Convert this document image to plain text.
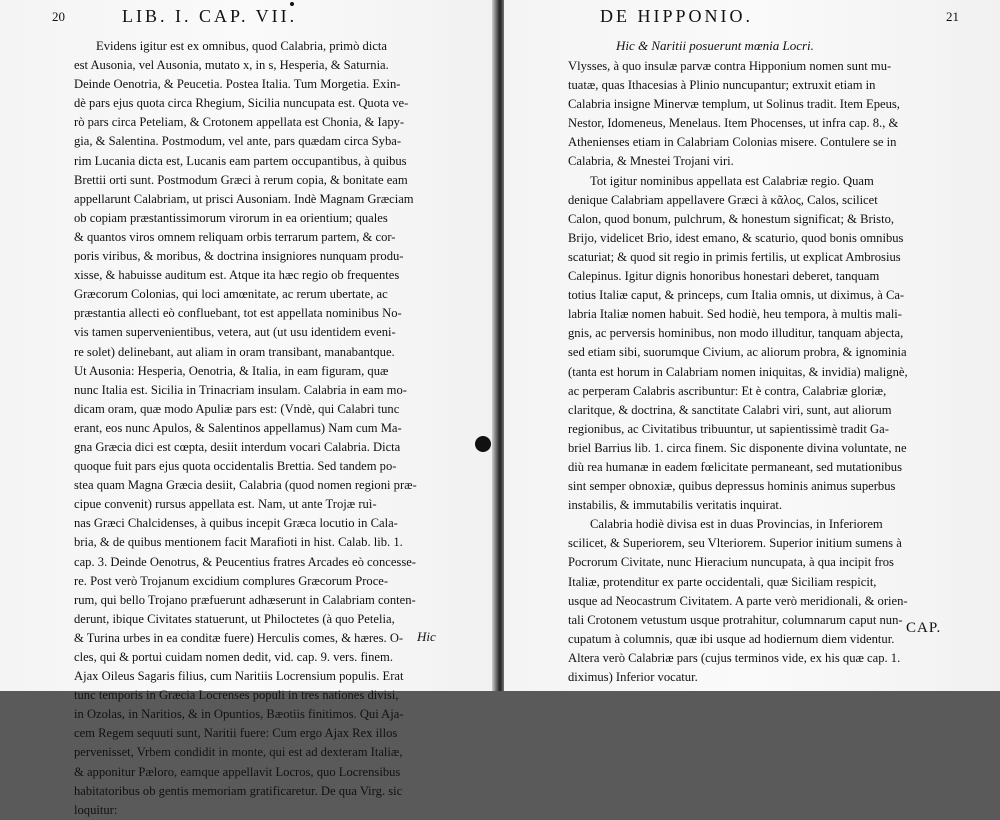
20	LIB. I. CAP. VII.
Evidens igitur est ex omnibus, quod Calabria, primò dicta
est Ausonia, vel Ausonia, mutato x, in s, Hesperia, & Saturnia.
Deinde Oenotria, & Peucetia. Postea Italia. Tum Morgetia. Exin-
dè pars ejus quota circa Rhegium, Sicilia nuncupata est. Quota ve-
rò pars circa Peteliam, & Crotonem appellata est Chonia, & Iapy-
gia, & Salentina. Postmodum, vel ante, pars quædam circa Syba-
rim Lucania dicta est, Lucanis eam partem occupantibus, à quibus
Brettii orti sunt. Postmodum Græci à rerum copia, & bonitate eam
appellarunt Calabriam, ut prisci Ausoniam. Indè Magnam Græciam
ob copiam præstantissimorum virorum in ea orientium; quales
& quantos viros omnem reliquam orbis terrarum partem, & cor-
poris viribus, & moribus, & doctrina insigniores nunquam produ-
xisse, & habuisse auditum est. Atque ita hæc regio ob frequentes
Græcorum Colonias, qui loci amœnitate, ac rerum ubertate, ac
præstantia allecti eò confluebant, tot est appellata nominibus No-
vis tamen supervenientibus, vetera, aut (ut usu identidem eveni-
re solet) delinebant, aut aliam in oram transibant, manabantque.
Ut Ausonia: Hesperia, Oenotria, & Italia, in eam figuram, quæ
nunc Italia est. Sicilia in Trinacriam insulam. Calabria in eam mo-
dicam oram, quæ modo Apuliæ pars est: (Vndè, qui Calabri tunc
erant, eos nunc Apulos, & Salentinos appellamus) Nam cum Ma-
gna Græcia dici est cœpta, desiit interdum vocari Calabria. Dicta
quoque fuit pars ejus quota occidentalis Brettia. Sed tandem po-
stea quam Magna Græcia desiit, Calabria (quod nomen regioni præ-
cipue convenit) rursus appellata est. Nam, ut ante Trojæ ruì-
nas Græci Chalcidenses, à quibus incepit Græca locutio in Cala-
bria, & de quibus mentionem facit Marafioti in hist. Calab. lib. 1.
cap. 3. Deinde Oenotrus, & Peucentius fratres Arcades eò concesse-
re. Post verò Trojanum excidium complures Græcorum Proce-
rum, qui bello Trojano præfuerunt adhæserunt in Calabriam conten-
derunt, ibique Civitates statuerunt, ut Philoctetes (à quo Petelia,
& Turina urbes in ea conditæ fuere) Herculis comes, & hæres. O-
cles, qui & portui cuidam nomen dedit, vid. cap. 9. vers. finem.
Ajax Oileus Sagaris filius, cum Naritiis Locrensium populis. Erat
tunc temporis in Græcia Locrenses populi in tres nationes divisi,
in Ozolas, in Naritios, & in Opuntios, Bæotiis finitimos. Qui Aja-
cem Regem sequuti sunt, Naritii fuere: Cum ergo Ajax Rex illos
pervenisset, Vrbem condidit in monte, qui est ad dexteram Italiæ,
& apponitur Pæloro, eamque appellavit Locros, quo Locrensibus
habitatoribus ob gentis memoriam gratificaretur. De qua Virg. sic
loquitur:
Hic
DE HIPPONIO.	21
Hic & Naritii posuerunt mœnia Locri.
Vlysses, à quo insulæ parvæ contra Hipponium nomen sunt mu-
tuatæ, quas Ithacesias à Plinio nuncupantur; extruxit etiam in
Calabria insigne Minervæ templum, ut Solinus tradit. Item Epeus,
Nestor, Idomeneus, Menelaus. Item Phocenses, ut infra cap. 8., &
Athenienses etiam in Calabriam Colonias misere. Contulere se in
Calabria, & Mnestei Trojani viri.
Tot igitur nominibus appellata est Calabriæ regio. Quam
denique Calabriam appellavere Græci à κᾶλος, Calos, scilicet
Calon, quod bonum, pulchrum, & honestum significat; & Bristo,
Brijo, videlicet Brio, idest emano, & scaturio, quod bonis omnibus
scaturiat; & quod sit regio in primis fertilis, ut explicat Ambrosius
Calepinus. Igitur dignis honoribus honestari deberet, tanquam
totius Italiæ caput, & princeps, cum Italia omnis, ut diximus, à Ca-
labria Italiæ nomen habuit. Sed hodiè, heu tempora, à multis mali-
gnis, ac perversis hominibus, non modo illuditur, tanquam abjecta,
sed etiam sibi, suorumque Civium, ac aliorum probra, & ignominia
(tanta est horum in Calabriam nomen iniquitas, & invidia) malignè,
ac perperam Calabris ascribuntur: Et è contra, Calabriæ gloriæ,
claritque, & doctrina, & sanctitate Calabri viri, sunt, aut aliorum
regionibus, ac Civitatibus tribuuntur, ut sapientissimè tradit Ga-
briel Barrius lib. 1. circa finem. Sic disponente divina voluntate, ne
diù rea humanæ in eadem fœlicitate permaneant, sed mutationibus
sint semper obnoxiæ, quibus depressus hominis animus superbus
instabilis, & immutabilis veritatis inquirat.
Calabria hodiè divisa est in duas Provincias, in Inferiorem
scilicet, & Superiorem, seu Vlteriorem. Superior initium sumens à
Pocrorum Civitate, nunc Hieracium nuncupata, à qua incipit fros
Italiæ, protenditur ex parte occidentali, quæ Siciliam respicit,
usque ad Neocastrum Civitatem. A parte verò meridionali, & orien-
tali Crotonem vetustum usque protrahitur, columnarum caput nun-
cupatum à columnis, quæ ibi usque ad hodiernum diem videntur.
Altera verò Calabriæ pars (cujus terminos vide, ex his quæ cap. 1.
diximus) Inferior vocatur.
CAP.
